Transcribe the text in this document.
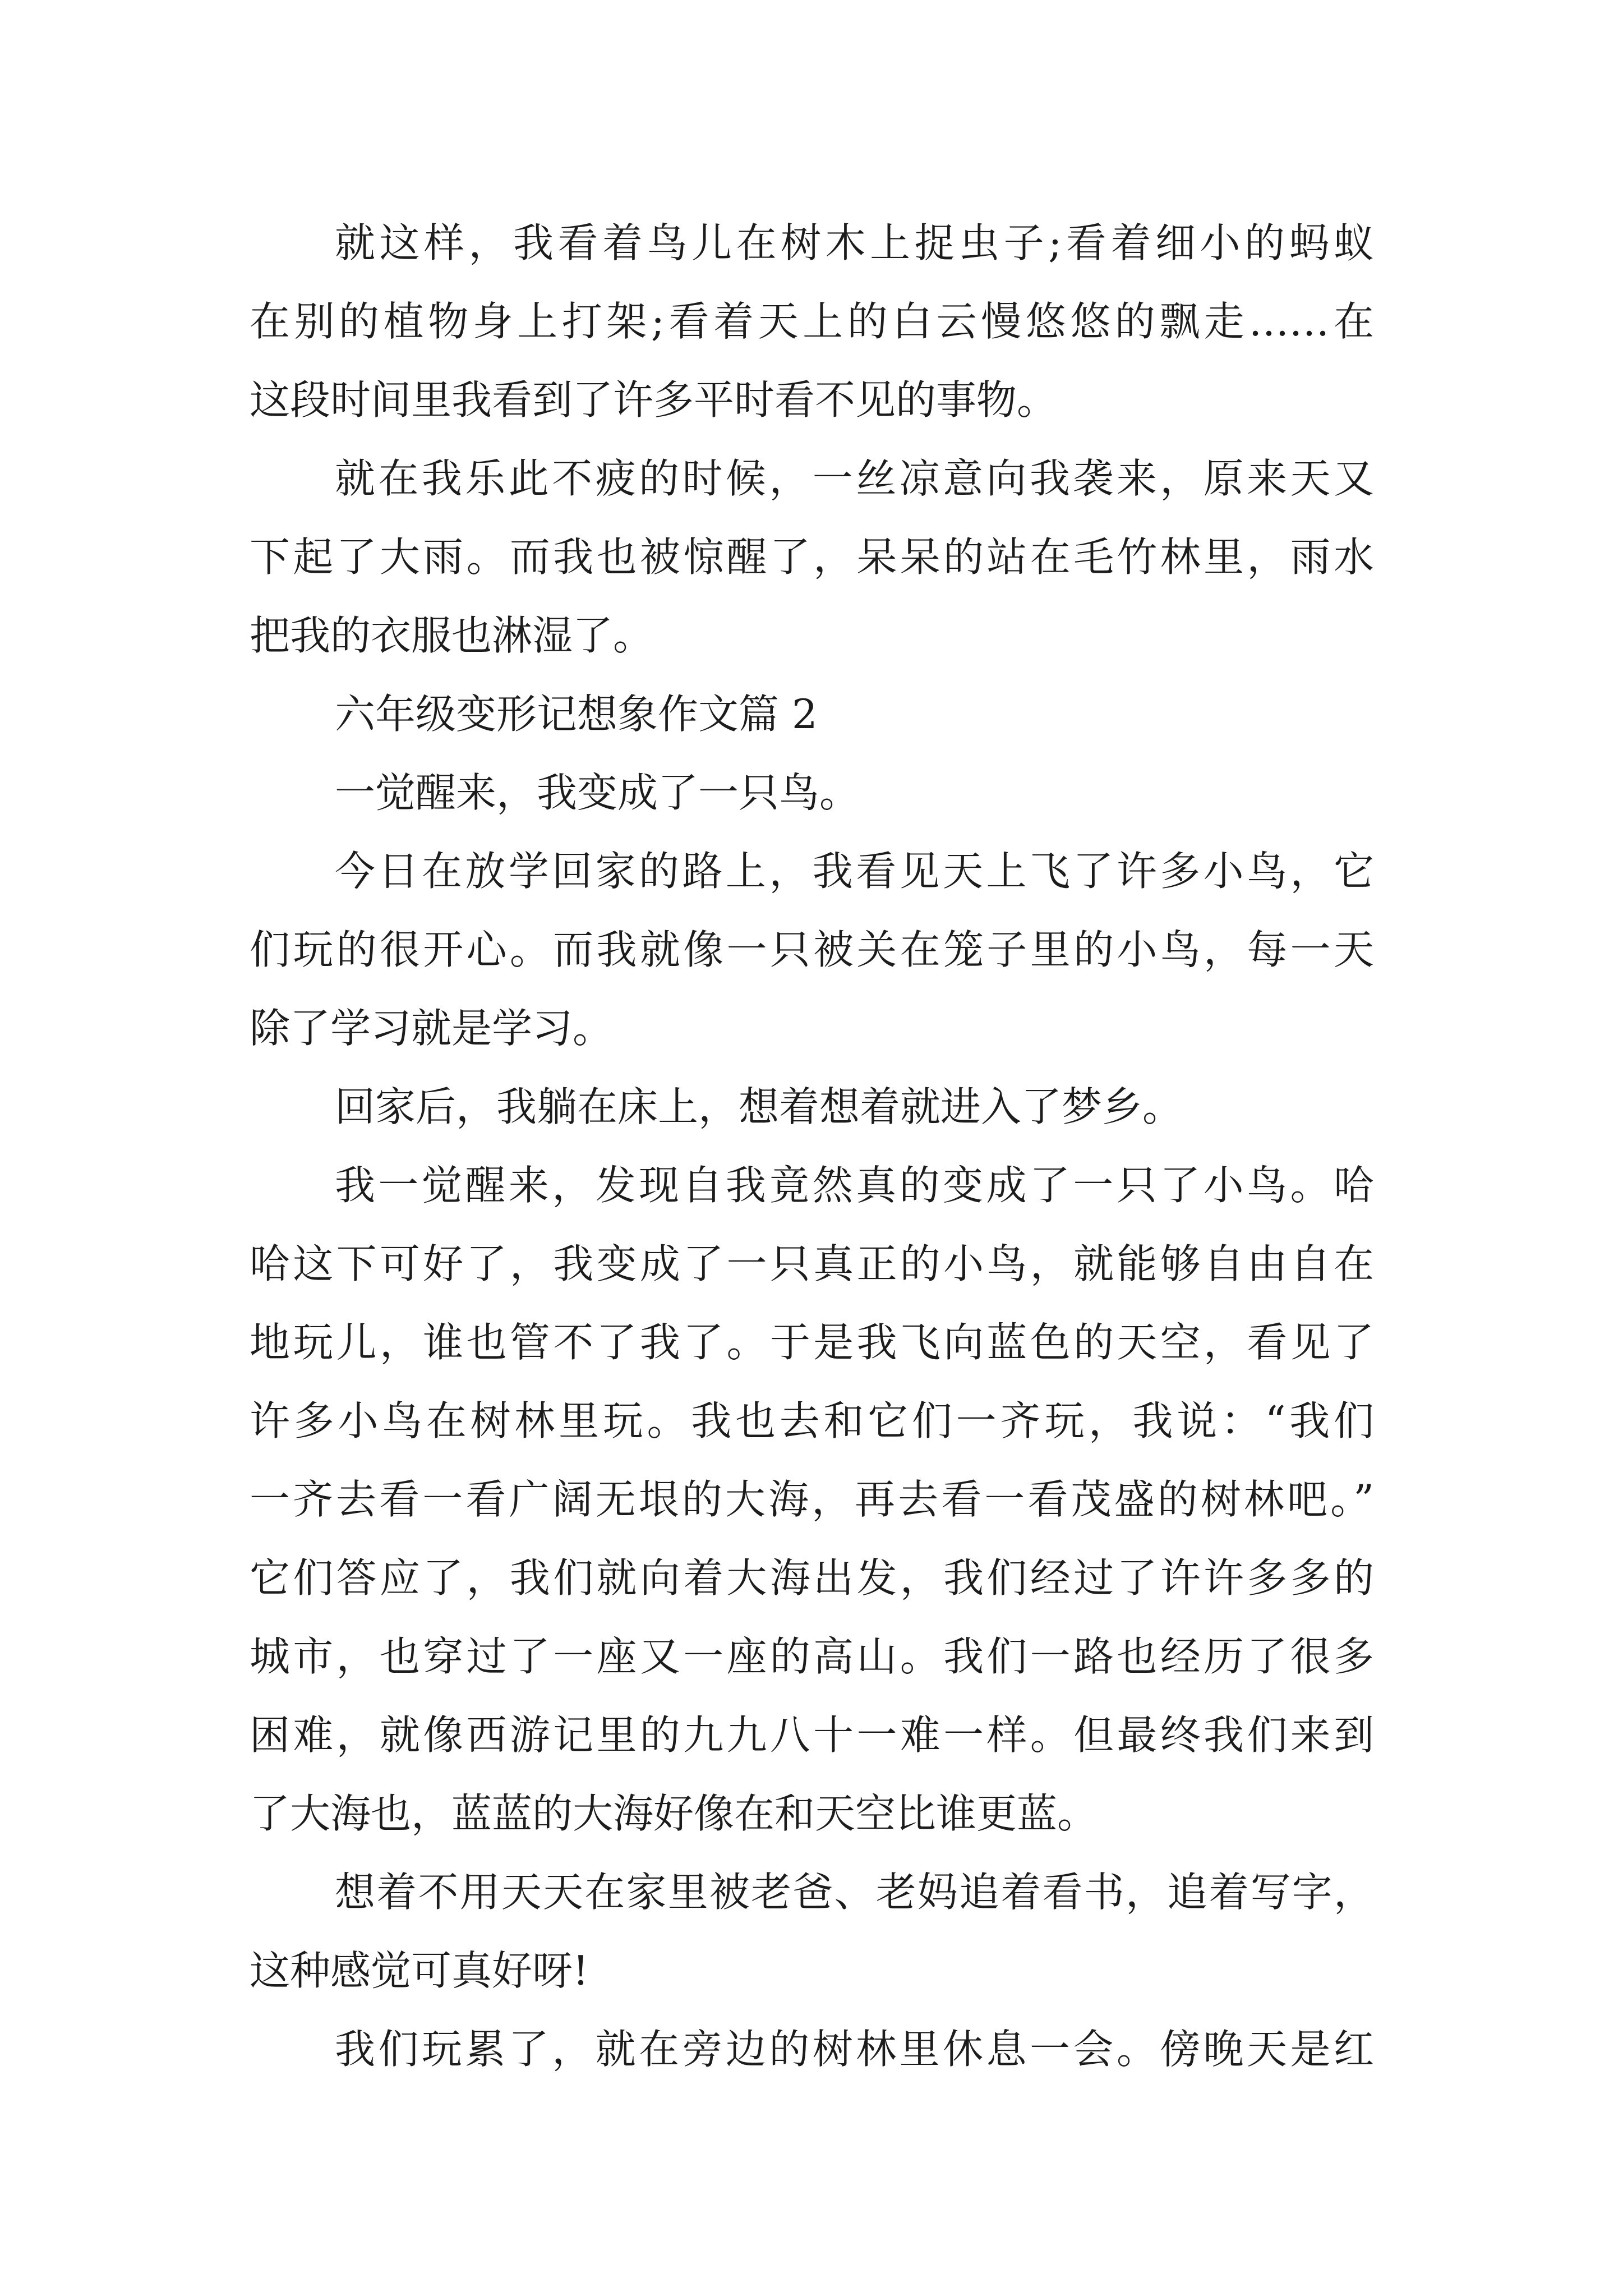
就这样，我看着鸟儿在树木上捉虫子;看着细小的蚂蚁
在别的植物身上打架;看着天上的白云慢悠悠的飘走……在
这段时间里我看到了许多平时看不见的事物。
就在我乐此不疲的时候，一丝凉意向我袭来，原来天又
下起了大雨。而我也被惊醒了，呆呆的站在毛竹林里，雨水
把我的衣服也淋湿了。
六年级变形记想象作文篇 2
一觉醒来，我变成了一只鸟。
今日在放学回家的路上，我看见天上飞了许多小鸟，它
们玩的很开心。而我就像一只被关在笼子里的小鸟，每一天
除了学习就是学习。
回家后，我躺在床上，想着想着就进入了梦乡。
我一觉醒来，发现自我竟然真的变成了一只了小鸟。哈
哈这下可好了，我变成了一只真正的小鸟，就能够自由自在
地玩儿，谁也管不了我了。于是我飞向蓝色的天空，看见了
许多小鸟在树林里玩。我也去和它们一齐玩，我说：“我们
一齐去看一看广阔无垠的大海，再去看一看茂盛的树林吧。”
它们答应了，我们就向着大海出发，我们经过了许许多多的
城市，也穿过了一座又一座的高山。我们一路也经历了很多
困难，就像西游记里的九九八十一难一样。但最终我们来到
了大海也，蓝蓝的大海好像在和天空比谁更蓝。
想着不用天天在家里被老爸、老妈追着看书，追着写字，
这种感觉可真好呀!
我们玩累了，就在旁边的树林里休息一会。傍晚天是红
